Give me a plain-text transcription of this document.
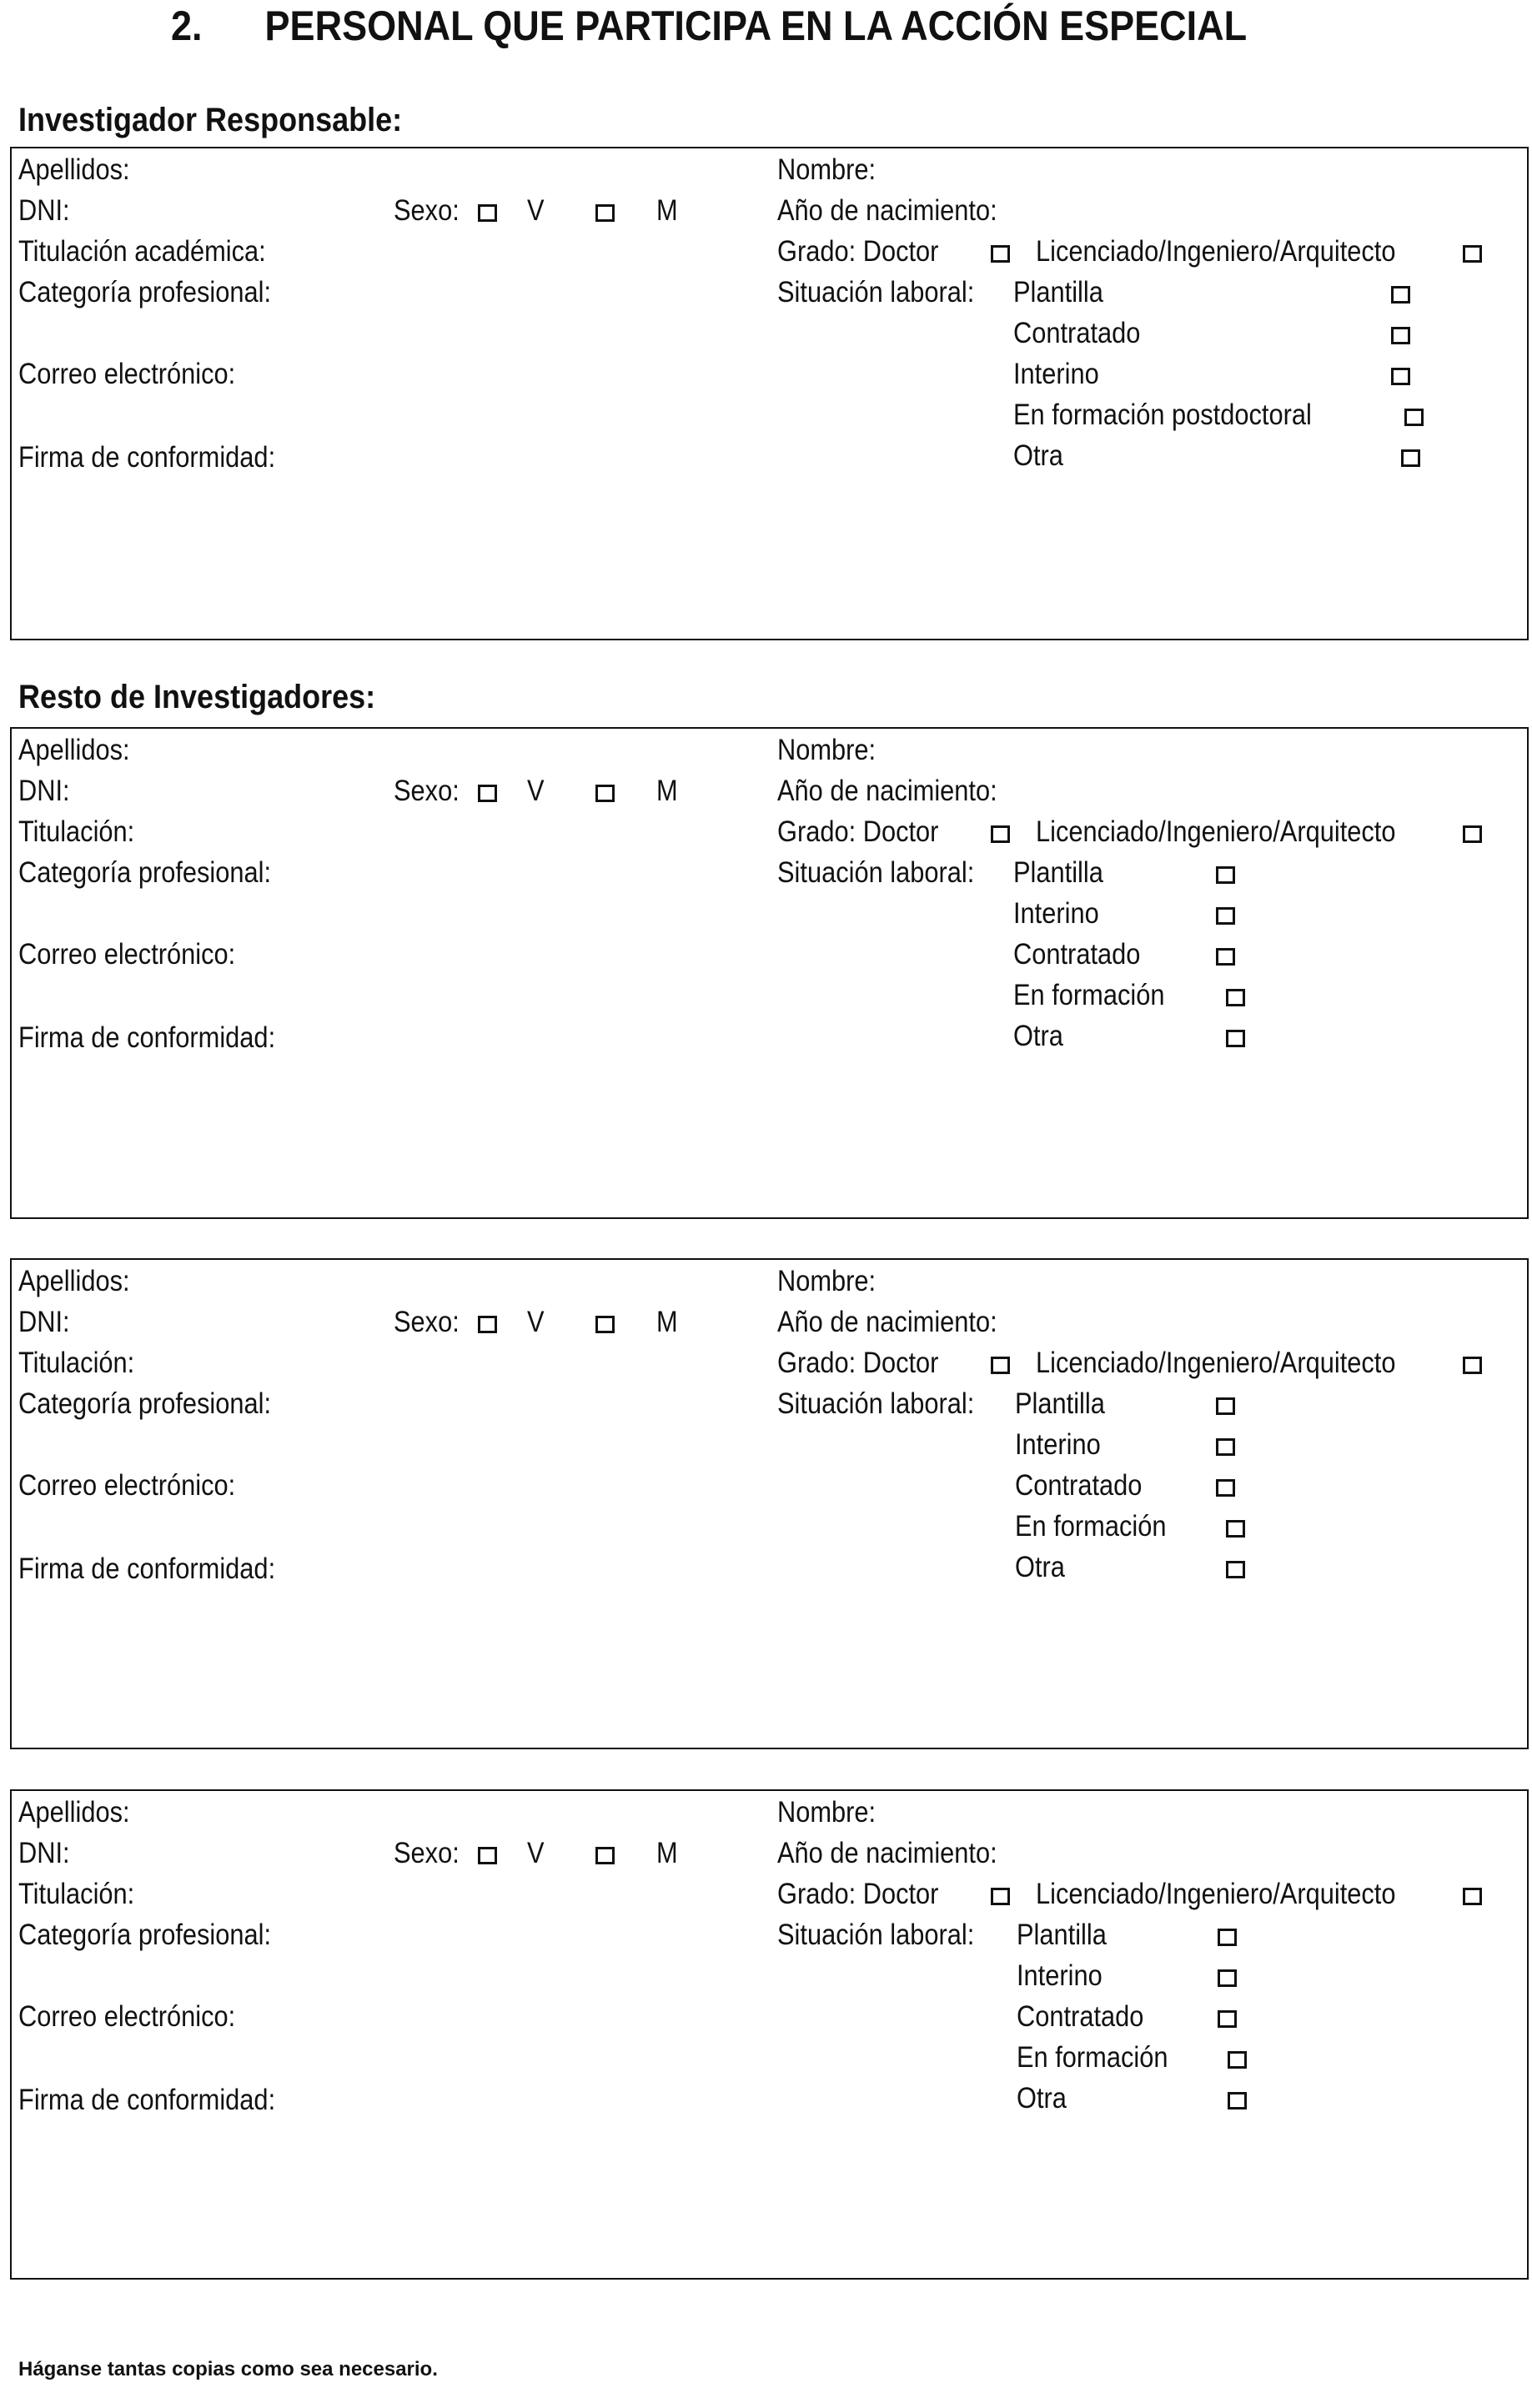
2.      PERSONAL QUE PARTICIPA EN LA ACCIÓN ESPECIAL
Investigador Responsable:
Resto de Investigadores:
Apellidos:
DNI:
Titulación académica:
Categoría profesional:
Correo electrónico:
Firma de conformidad:
Sexo: V	M
Nombre:
Año de nacimiento:
Grado: Doctor	Licenciado/Ingeniero/Arquitecto
Situación laboral: Plantilla
Contratado
Interino
En formación postdoctoral
Otra
Apellidos:
DNI:
Titulación:
Categoría profesional:
Correo electrónico:
Firma de conformidad:
Sexo: V	M
Nombre:
Año de nacimiento:
Grado: Doctor	Licenciado/Ingeniero/Arquitecto
Situación laboral: Plantilla
Interino
Contratado
En formación
Otra
Apellidos:
DNI:
Titulación:
Categoría profesional:
Correo electrónico:
Firma de conformidad:
Sexo: V	M
Nombre:
Año de nacimiento:
Grado: Doctor	Licenciado/Ingeniero/Arquitecto
Situación laboral: Plantilla
Interino
Contratado
En formación
Otra
Apellidos:
DNI:
Titulación:
Categoría profesional:
Correo electrónico:
Firma de conformidad:
Sexo: V	M
Nombre:
Año de nacimiento:
Grado: Doctor	Licenciado/Ingeniero/Arquitecto
Situación laboral: Plantilla
Interino
Contratado
En formación
Otra
Háganse tantas copias como sea necesario.
